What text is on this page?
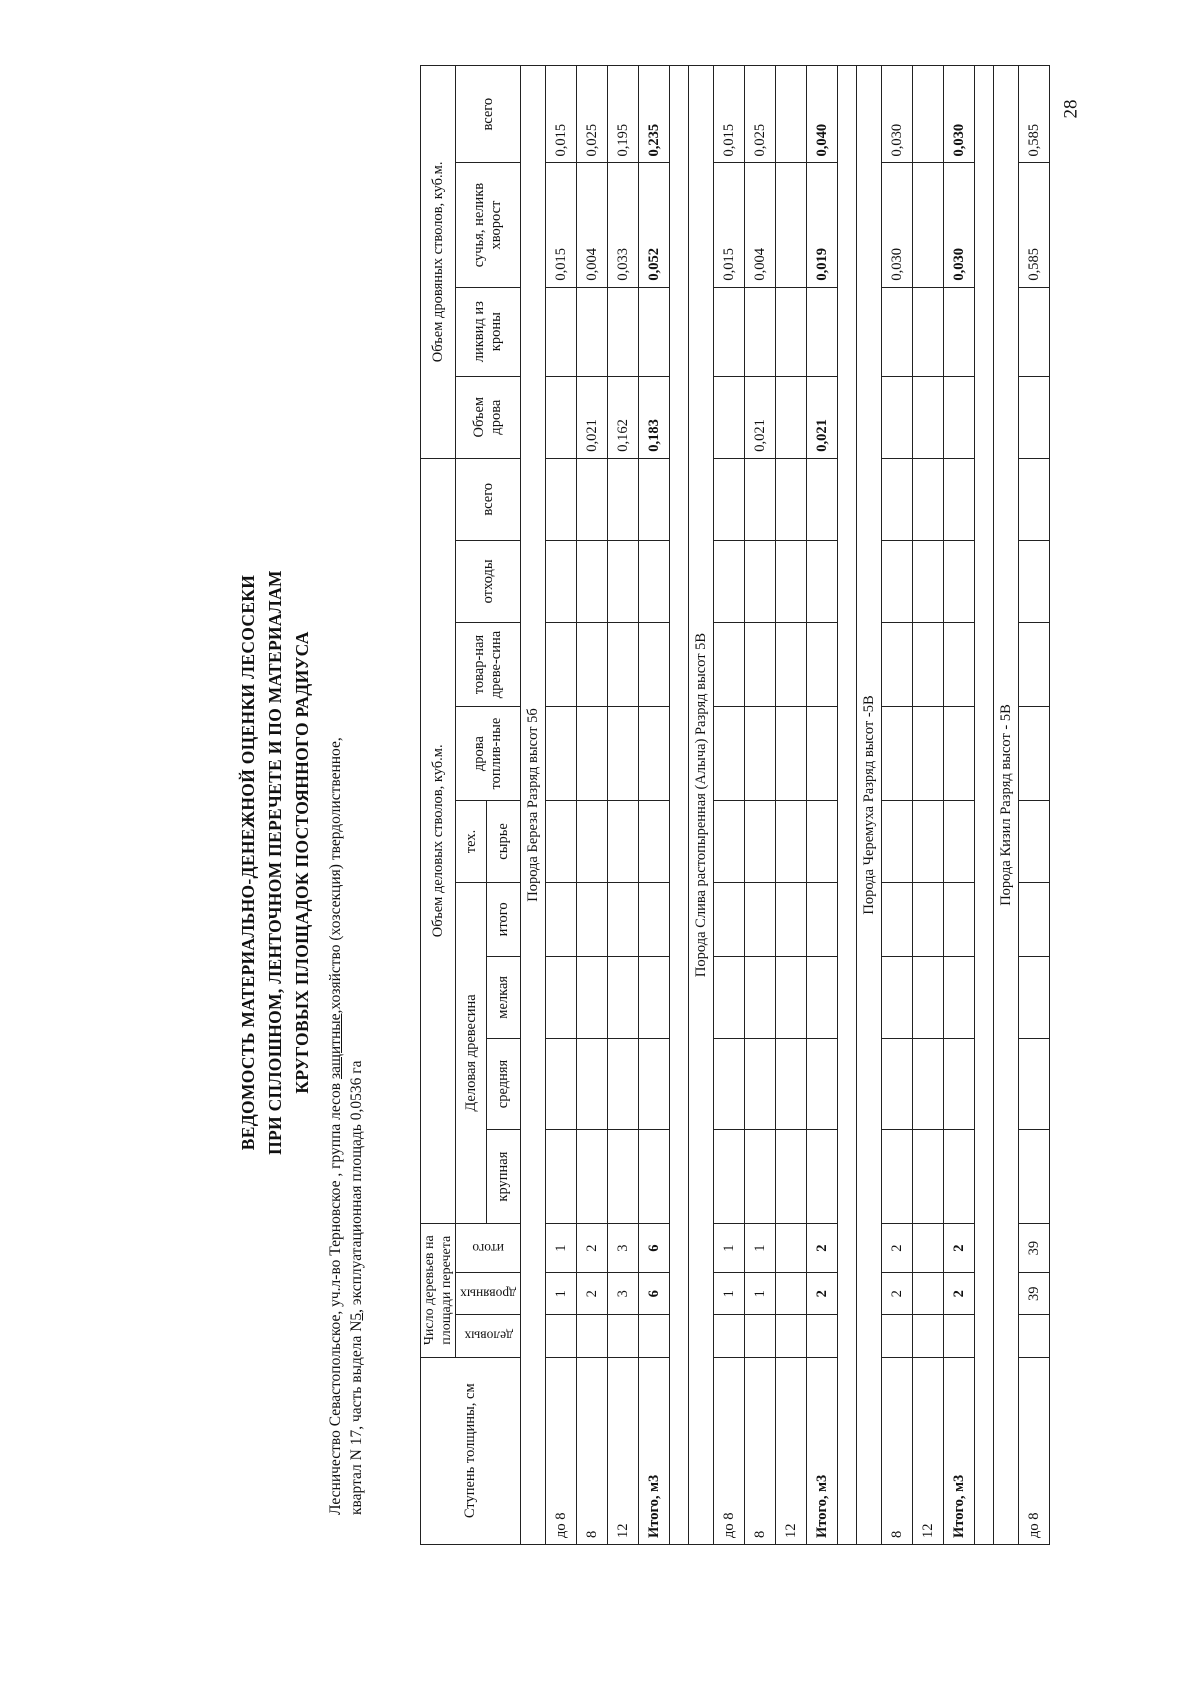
28
ВЕДОМОСТЬ МАТЕРИАЛЬНО-ДЕНЕЖНОЙ ОЦЕНКИ ЛЕСОСЕКИ ПРИ СПЛОШНОМ, ЛЕНТОЧНОМ ПЕРЕЧЕТЕ И ПО МАТЕРИАЛАМ КРУГОВЫХ ПЛОЩАДОК ПОСТОЯННОГО РАДИУСА
Лесничество Севастопольское, уч.л-во Терновское , группа лесов защитные,хозяйство (хозсекция) твердолиственное,
квартал N 17, часть выдела N5, эксплуатационная площадь 0,0536 га
Ступень толщины, см	Число деревьев на площади перечета			Объем деловых стволов, куб.м.									Объем дровяных стволов, куб.м.			
	деловых	дровяных	итого	Деловая древесина				тех.	дрова топлив-ные	товар-ная древе-сина	отходы	всего	Объем дрова	ликвид из кроны	сучья, неликв хворост	всего
				крупная	средняя	мелкая	итого	сырье								

Порода Береза Разряд высот 5б																
до 8		1	1												0,015	0,015
8		2	2										0,021		0,004	0,025
12		3	3										0,162		0,033	0,195
Итого, м3		6	6										0,183		0,052	0,235

Порода Слива растопыренная (Алыча) Разряд высот 5В																
до 8		1	1												0,015	0,015
8		1	1										0,021		0,004	0,025
12																
Итого, м3		2	2										0,021		0,019	0,040

Порода Черемуха Разряд высот -5В																
8		2	2												0,030	0,030
12																
Итого, м3		2	2												0,030	0,030

Порода Кизил Разряд высот - 5В																
до 8		39	39												0,585	0,585
